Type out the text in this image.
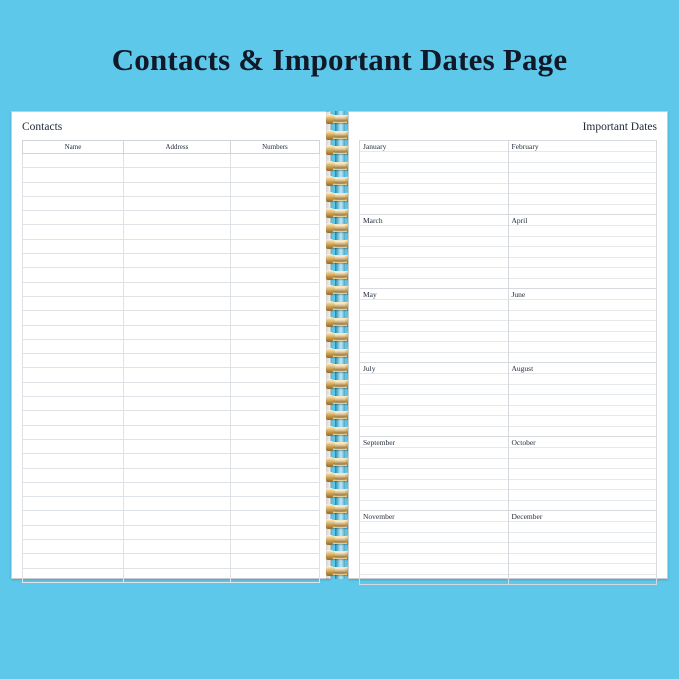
Contacts & Important Dates Page
Contacts
Name	Address	Numbers

Important Dates
January	February

March	April

May	June

July	August

September	October

November	December
